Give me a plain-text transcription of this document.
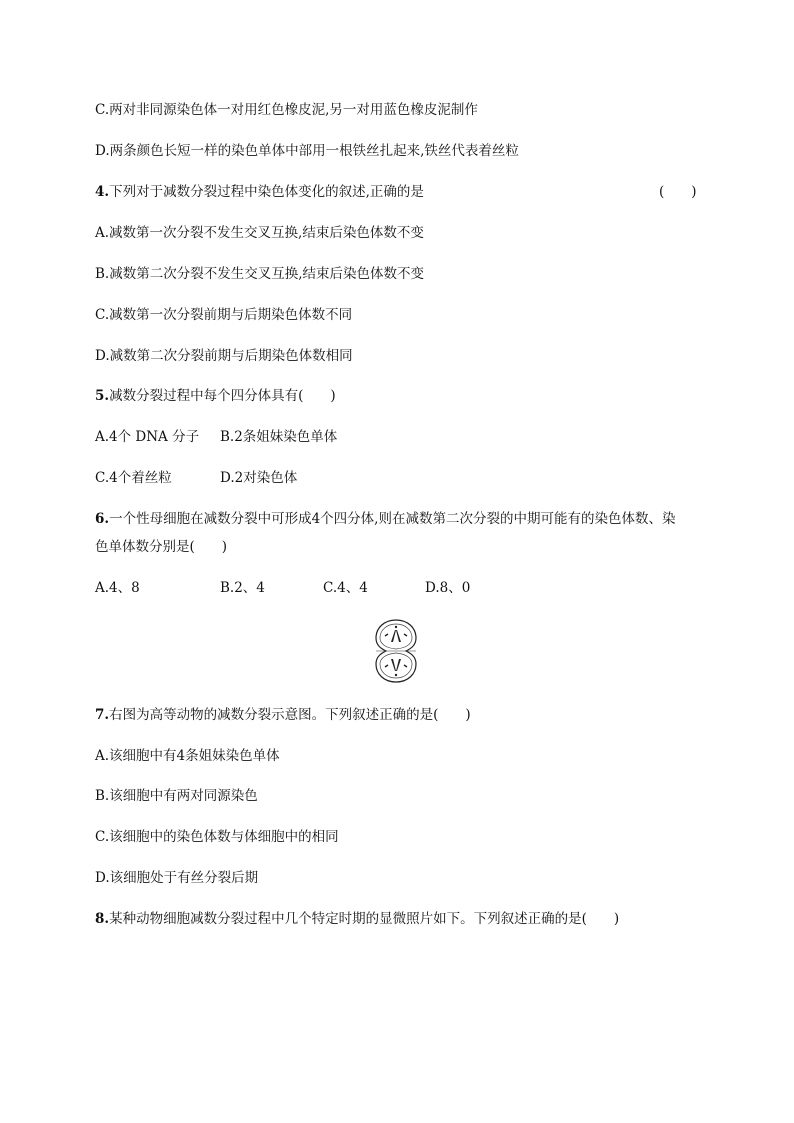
C.两对非同源染色体一对用红色橡皮泥,另一对用蓝色橡皮泥制作
D.两条颜色长短一样的染色单体中部用一根铁丝扎起来,铁丝代表着丝粒
4.下列对于减数分裂过程中染色体变化的叙述,正确的是	(　　)
A.减数第一次分裂不发生交叉互换,结束后染色体数不变
B.减数第二次分裂不发生交叉互换,结束后染色体数不变
C.减数第一次分裂前期与后期染色体数不同
D.减数第二次分裂前期与后期染色体数相同
5.减数分裂过程中每个四分体具有(　　)
A.4个 DNA 分子 B.2条姐妹染色单体
C.4个着丝粒	D.2对染色体
6.一个性母细胞在减数分裂中可形成4个四分体,则在减数第二次分裂的中期可能有的染色体数、染
色单体数分别是(　　)
A.4、8	B.2、4	C.4、4	D.8、0
7.右图为高等动物的减数分裂示意图。下列叙述正确的是(　　)
A.该细胞中有4条姐妹染色单体
B.该细胞中有两对同源染色
C.该细胞中的染色体数与体细胞中的相同
D.该细胞处于有丝分裂后期
8.某种动物细胞减数分裂过程中几个特定时期的显微照片如下。下列叙述正确的是(　　)
